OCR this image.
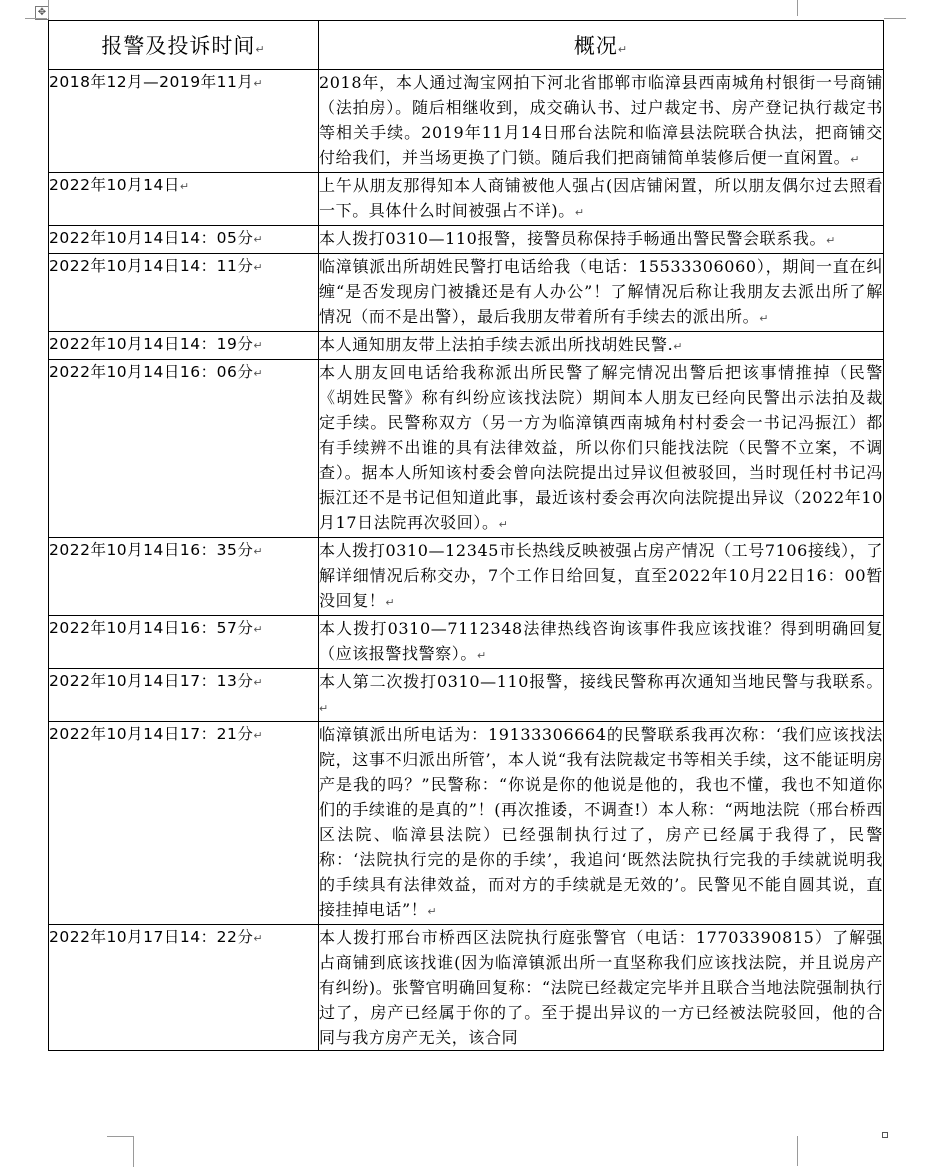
✥
报警及投诉时间↵	概况↵
2018年12月—2019年11月↵	2018年，本人通过淘宝网拍下河北省邯郸市临漳县西南城角村银街一号商铺（法拍房）。随后相继收到，成交确认书、过户裁定书、房产登记执行裁定书等相关手续。2019年11月14日邢台法院和临漳县法院联合执法，把商铺交付给我们，并当场更换了门锁。随后我们把商铺简单装修后便一直闲置。↵
2022年10月14日↵	上午从朋友那得知本人商铺被他人强占(因店铺闲置，所以朋友偶尔过去照看一下。具体什么时间被强占不详)。↵
2022年10月14日14：05分↵	本人拨打0310—110报警，接警员称保持手畅通出警民警会联系我。↵
2022年10月14日14：11分↵	临漳镇派出所胡姓民警打电话给我（电话：15533306060），期间一直在纠缠“是否发现房门被撬还是有人办公”！了解情况后称让我朋友去派出所了解情况（而不是出警），最后我朋友带着所有手续去的派出所。↵
2022年10月14日14：19分↵	本人通知朋友带上法拍手续去派出所找胡姓民警.↵
2022年10月14日16：06分↵	本人朋友回电话给我称派出所民警了解完情况出警后把该事情推掉（民警《胡姓民警》称有纠纷应该找法院）期间本人朋友已经向民警出示法拍及裁定手续。民警称双方（另一方为临漳镇西南城角村村委会一书记冯振江）都有手续辨不出谁的具有法律效益，所以你们只能找法院（民警不立案，不调查）。据本人所知该村委会曾向法院提出过异议但被驳回，当时现任村书记冯振江还不是书记但知道此事，最近该村委会再次向法院提出异议（2022年10月17日法院再次驳回）。↵
2022年10月14日16：35分↵	本人拨打0310—12345市长热线反映被强占房产情况（工号7106接线），了解详细情况后称交办，7个工作日给回复，直至2022年10月22日16：00暂没回复！↵
2022年10月14日16：57分↵	本人拨打0310—7112348法律热线咨询该事件我应该找谁？得到明确回复（应该报警找警察）。↵
2022年10月14日17：13分↵	本人第二次拨打0310—110报警，接线民警称再次通知当地民警与我联系。↵
2022年10月14日17：21分↵	临漳镇派出所电话为：19133306664的民警联系我再次称：‘我们应该找法院，这事不归派出所管’，本人说“我有法院裁定书等相关手续，这不能证明房产是我的吗？”民警称：“你说是你的他说是他的，我也不懂，我也不知道你们的手续谁的是真的”！(再次推诿，不调查!）本人称：“两地法院（邢台桥西区法院、临漳县法院）已经强制执行过了，房产已经属于我得了，民警称：‘法院执行完的是你的手续’，我追问‘既然法院执行完我的手续就说明我的手续具有法律效益，而对方的手续就是无效的’。民警见不能自圆其说，直接挂掉电话”！↵
2022年10月17日14：22分↵	本人拨打邢台市桥西区法院执行庭张警官（电话：17703390815）了解强占商铺到底该找谁(因为临漳镇派出所一直坚称我们应该找法院，并且说房产有纠纷)。张警官明确回复称：“法院已经裁定完毕并且联合当地法院强制执行过了，房产已经属于你的了。至于提出异议的一方已经被法院驳回，他的合同与我方房产无关，该合同
